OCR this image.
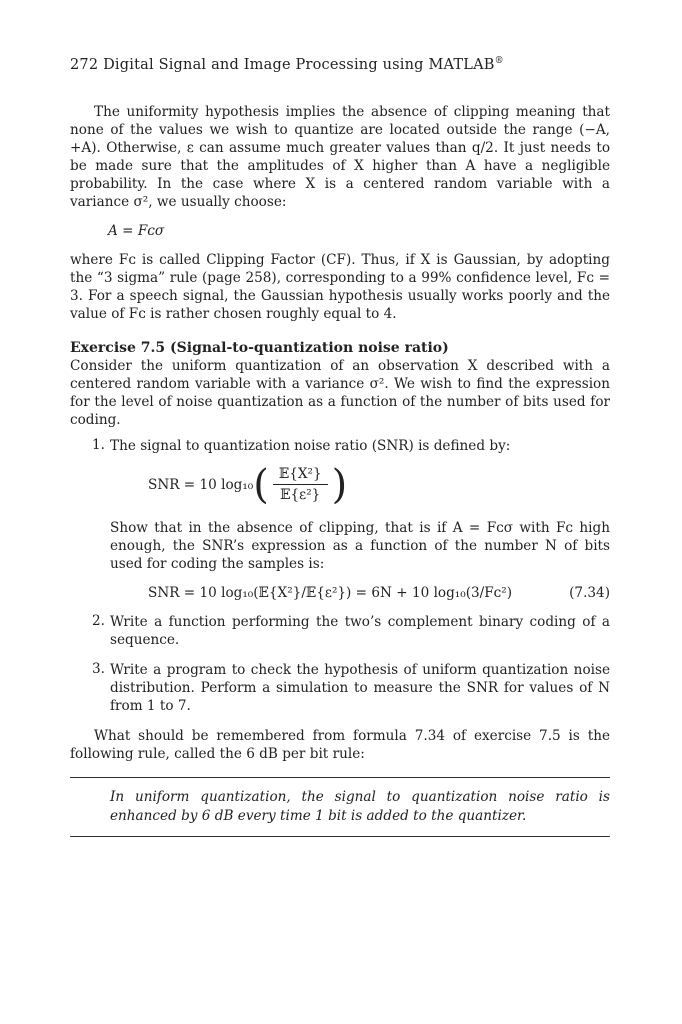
272 Digital Signal and Image Processing using MATLAB®

The uniformity hypothesis implies the absence of clipping meaning that none of the values we wish to quantize are located outside the range (−A, +A). Otherwise, ε can assume much greater values than q/2. It just needs to be made sure that the amplitudes of X higher than A have a negligible probability. In the case where X is a centered random variable with a variance σ², we usually choose:

A = Fᴄσ

where Fᴄ is called Clipping Factor (CF). Thus, if X is Gaussian, by adopting the “3 sigma” rule (page 258), corresponding to a 99% confidence level, Fᴄ = 3. For a speech signal, the Gaussian hypothesis usually works poorly and the value of Fᴄ is rather chosen roughly equal to 4.

Exercise 7.5 (Signal-to-quantization noise ratio)

Consider the uniform quantization of an observation X described with a centered random variable with a variance σ². We wish to find the expression for the level of noise quantization as a function of the number of bits used for coding.

1. The signal to quantization noise ratio (SNR) is defined by:

SNR = 10 log₁₀ ( $\frac{\text{𝔼\{X²\}}}{\text{𝔼\{ε²\}}}$ )

Show that in the absence of clipping, that is if A = Fᴄσ with Fᴄ high enough, the SNR’s expression as a function of the number N of bits used for coding the samples is:

SNR = 10 log₁₀(𝔼{X²}/𝔼{ε²}) = 6N + 10 log₁₀(3/Fᴄ²)	(7.34)
2. Write a function performing the two’s complement binary coding of a sequence.

3. Write a program to check the hypothesis of uniform quantization noise distribution. Perform a simulation to measure the SNR for values of N from 1 to 7.

What should be remembered from formula 7.34 of exercise 7.5 is the following rule, called the 6 dB per bit rule:

In uniform quantization, the signal to quantization noise ratio is enhanced by 6 dB every time 1 bit is added to the quantizer.
